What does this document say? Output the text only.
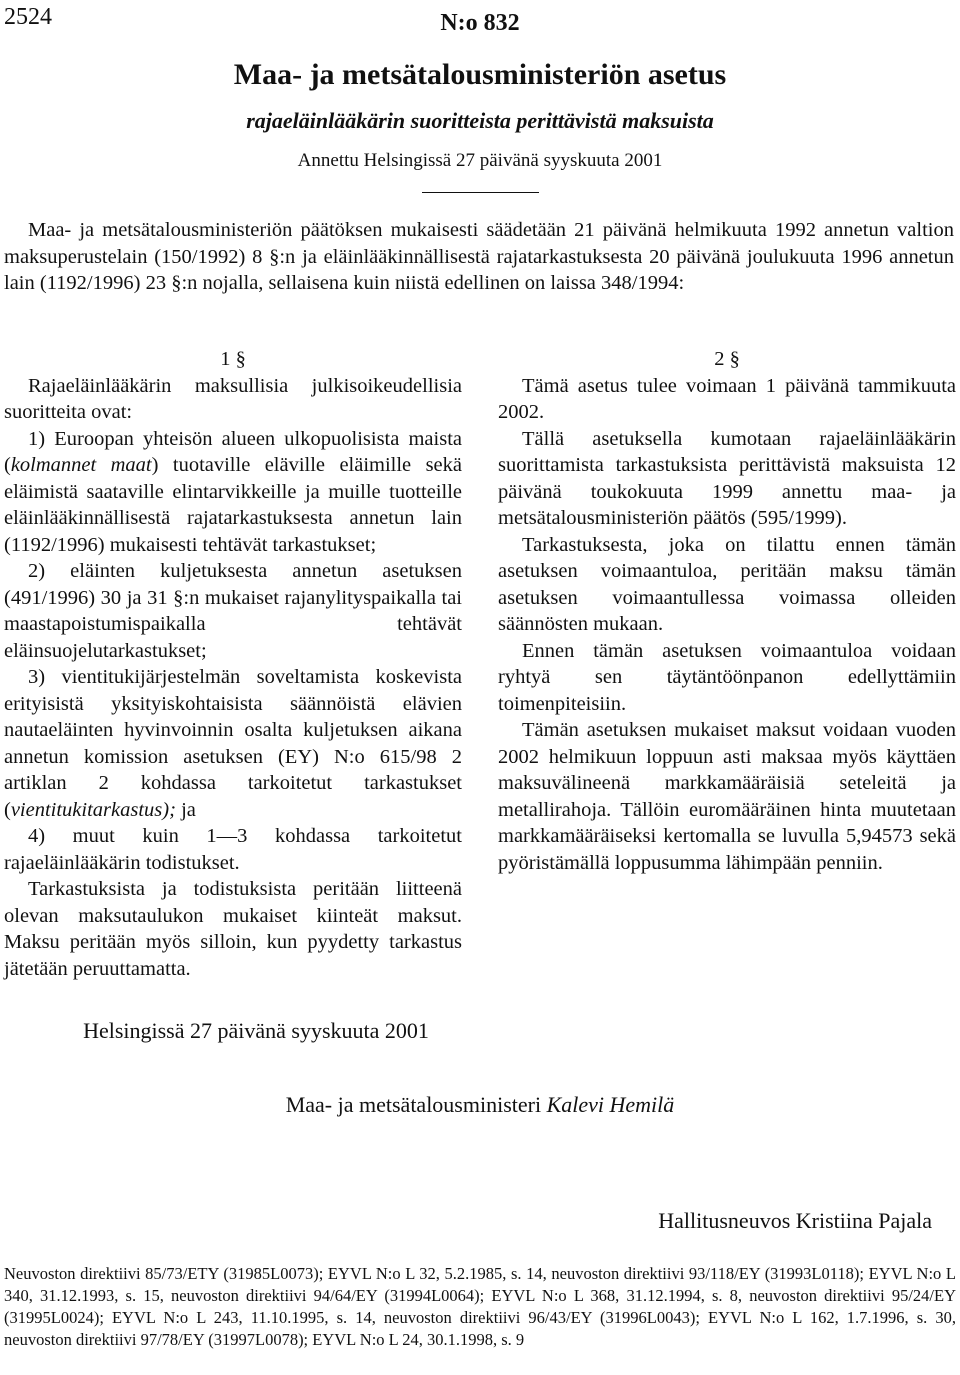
2524	N:o 832
Maa- ja metsätalousministeriön asetus
rajaeläinlääkärin suoritteista perittävistä maksuista
Annettu Helsingissä 27 päivänä syyskuuta 2001

Maa- ja metsätalousministeriön päätöksen mukaisesti säädetään 21 päivänä helmikuuta 1992 annetun valtion maksuperustelain (150/1992) 8 §:n ja eläinlääkinnällisestä rajatarkastuksesta 20 päivänä joulukuuta 1996 annetun lain (1192/1996) 23 §:n nojalla, sellaisena kuin niistä edellinen on laissa 348/1994:

1 §

Rajaeläinlääkärin maksullisia julkisoikeudellisia suoritteita ovat:

1) Euroopan yhteisön alueen ulkopuolisista maista (kolmannet maat) tuotaville eläville eläimille sekä eläimistä saataville elintarvikkeille ja muille tuotteille eläinlääkinnällisestä rajatarkastuksesta annetun lain (1192/1996) mukaisesti tehtävät tarkastukset;

2) eläinten kuljetuksesta annetun asetuksen (491/1996) 30 ja 31 §:n mukaiset rajanylityspaikalla tai maastapoistumispaikalla tehtävät eläinsuojelutarkastukset;

3) vientitukijärjestelmän soveltamista koskevista erityisistä yksityiskohtaisista säännöistä elävien nautaeläinten hyvinvoinnin osalta kuljetuksen aikana annetun komission asetuksen (EY) N:o 615/98 2 artiklan 2 kohdassa tarkoitetut tarkastukset (vientitukitarkastus); ja

4) muut kuin 1—3 kohdassa tarkoitetut rajaeläinlääkärin todistukset.

Tarkastuksista ja todistuksista peritään liitteenä olevan maksutaulukon mukaiset kiinteät maksut. Maksu peritään myös silloin, kun pyydetty tarkastus jätetään peruuttamatta.

2 §

Tämä asetus tulee voimaan 1 päivänä tammikuuta 2002.

Tällä asetuksella kumotaan rajaeläinlääkärin suorittamista tarkastuksista perittävistä maksuista 12 päivänä toukokuuta 1999 annettu maa- ja metsätalousministeriön päätös (595/1999).

Tarkastuksesta, joka on tilattu ennen tämän asetuksen voimaantuloa, peritään maksu tämän asetuksen voimaantullessa voimassa olleiden säännösten mukaan.

Ennen tämän asetuksen voimaantuloa voidaan ryhtyä sen täytäntöönpanon edellyttämiin toimenpiteisiin.

Tämän asetuksen mukaiset maksut voidaan vuoden 2002 helmikuun loppuun asti maksaa myös käyttäen maksuvälineenä markkamääräisiä seteleitä ja metallirahoja. Tällöin euromääräinen hinta muutetaan markkamääräiseksi kertomalla se luvulla 5,94573 sekä pyöristämällä loppusumma lähimpään penniin.

Helsingissä 27 päivänä syyskuuta 2001
Maa- ja metsätalousministeri Kalevi Hemilä
Hallitusneuvos Kristiina Pajala

Neuvoston direktiivi 85/73/ETY (31985L0073); EYVL N:o L 32, 5.2.1985, s. 14, neuvoston direktiivi 93/118/EY (31993L0118); EYVL N:o L 340, 31.12.1993, s. 15, neuvoston direktiivi 94/64/EY (31994L0064); EYVL N:o L 368, 31.12.1994, s. 8, neuvoston direktiivi 95/24/EY (31995L0024); EYVL N:o L 243, 11.10.1995, s. 14, neuvoston direktiivi 96/43/EY (31996L0043); EYVL N:o L 162, 1.7.1996, s. 30, neuvoston direktiivi 97/78/EY (31997L0078); EYVL N:o L 24, 30.1.1998, s. 9
